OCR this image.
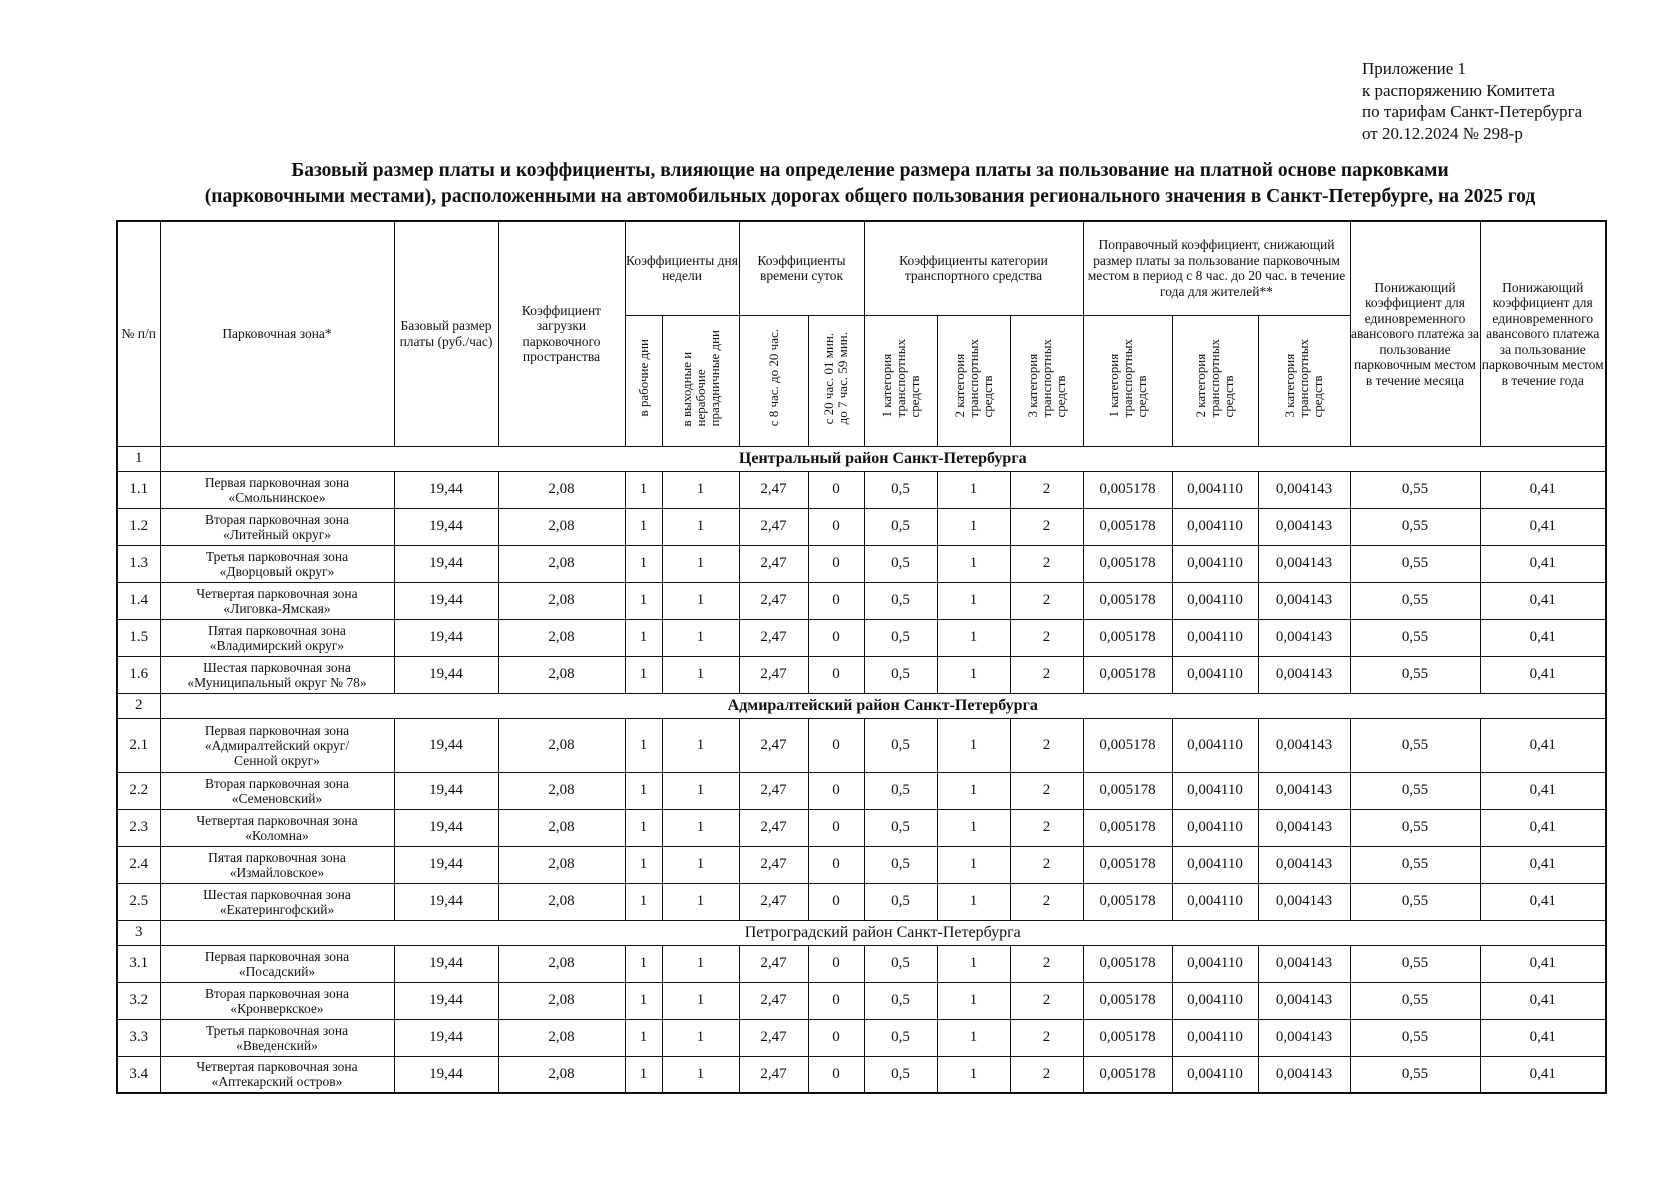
Приложение 1
к распоряжению Комитета
по тарифам Санкт-Петербурга
от 20.12.2024 № 298-р
Базовый размер платы и коэффициенты, влияющие на определение размера платы за пользование на платной основе парковками
(парковочными местами), расположенными на автомобильных дорогах общего пользования регионального значения в Санкт-Петербурге, на 2025 год
№ п/п	Парковочная зона*	Базовый размер платы (руб./час)	Коэффициент загрузки парковочного пространства	Коэффициенты дня недели		Коэффициенты времени суток		Коэффициенты категории транспортного средства			Поправочный коэффициент, снижающий размер платы за пользование парковочным местом в период с 8 час. до 20 час. в течение года для жителей**			Понижающий коэффициент для единовременного авансового платежа за пользование парковочным местом в течение месяца	Понижающий коэффициент для единовременного авансового платежа за пользование парковочным местом в течение года
				в рабочие дни	в выходные и
нерабочие
праздничные дни	с 8 час. до 20 час.	с 20 час. 01 мин.
до 7 час. 59 мин.	1 категория
транспортных
средств	2 категория
транспортных
средств	3 категория
транспортных
средств	1 категория
транспортных
средств	2 категория
транспортных
средств	3 категория
транспортных
средств		
1	Центральный район Санкт-Петербурга														
1.1	Первая парковочная зона
«Смольнинское»	19,44	2,08	1	1	2,47	0	0,5	1	2	0,005178	0,004110	0,004143	0,55	0,41
1.2	Вторая парковочная зона
«Литейный округ»	19,44	2,08	1	1	2,47	0	0,5	1	2	0,005178	0,004110	0,004143	0,55	0,41
1.3	Третья парковочная зона
«Дворцовый округ»	19,44	2,08	1	1	2,47	0	0,5	1	2	0,005178	0,004110	0,004143	0,55	0,41
1.4	Четвертая парковочная зона
«Лиговка-Ямская»	19,44	2,08	1	1	2,47	0	0,5	1	2	0,005178	0,004110	0,004143	0,55	0,41
1.5	Пятая парковочная зона
«Владимирский округ»	19,44	2,08	1	1	2,47	0	0,5	1	2	0,005178	0,004110	0,004143	0,55	0,41
1.6	Шестая парковочная зона
«Муниципальный округ № 78»	19,44	2,08	1	1	2,47	0	0,5	1	2	0,005178	0,004110	0,004143	0,55	0,41
2	Адмиралтейский район Санкт-Петербурга														
2.1	Первая парковочная зона
«Адмиралтейский округ/
Сенной округ»	19,44	2,08	1	1	2,47	0	0,5	1	2	0,005178	0,004110	0,004143	0,55	0,41
2.2	Вторая парковочная зона
«Семеновский»	19,44	2,08	1	1	2,47	0	0,5	1	2	0,005178	0,004110	0,004143	0,55	0,41
2.3	Четвертая парковочная зона
«Коломна»	19,44	2,08	1	1	2,47	0	0,5	1	2	0,005178	0,004110	0,004143	0,55	0,41
2.4	Пятая парковочная зона
«Измайловское»	19,44	2,08	1	1	2,47	0	0,5	1	2	0,005178	0,004110	0,004143	0,55	0,41
2.5	Шестая парковочная зона
«Екатерингофский»	19,44	2,08	1	1	2,47	0	0,5	1	2	0,005178	0,004110	0,004143	0,55	0,41
3	Петроградский район Санкт-Петербурга														
3.1	Первая парковочная зона
«Посадский»	19,44	2,08	1	1	2,47	0	0,5	1	2	0,005178	0,004110	0,004143	0,55	0,41
3.2	Вторая парковочная зона
«Кронверкское»	19,44	2,08	1	1	2,47	0	0,5	1	2	0,005178	0,004110	0,004143	0,55	0,41
3.3	Третья парковочная зона
«Введенский»	19,44	2,08	1	1	2,47	0	0,5	1	2	0,005178	0,004110	0,004143	0,55	0,41
3.4	Четвертая парковочная зона
«Аптекарский остров»	19,44	2,08	1	1	2,47	0	0,5	1	2	0,005178	0,004110	0,004143	0,55	0,41
